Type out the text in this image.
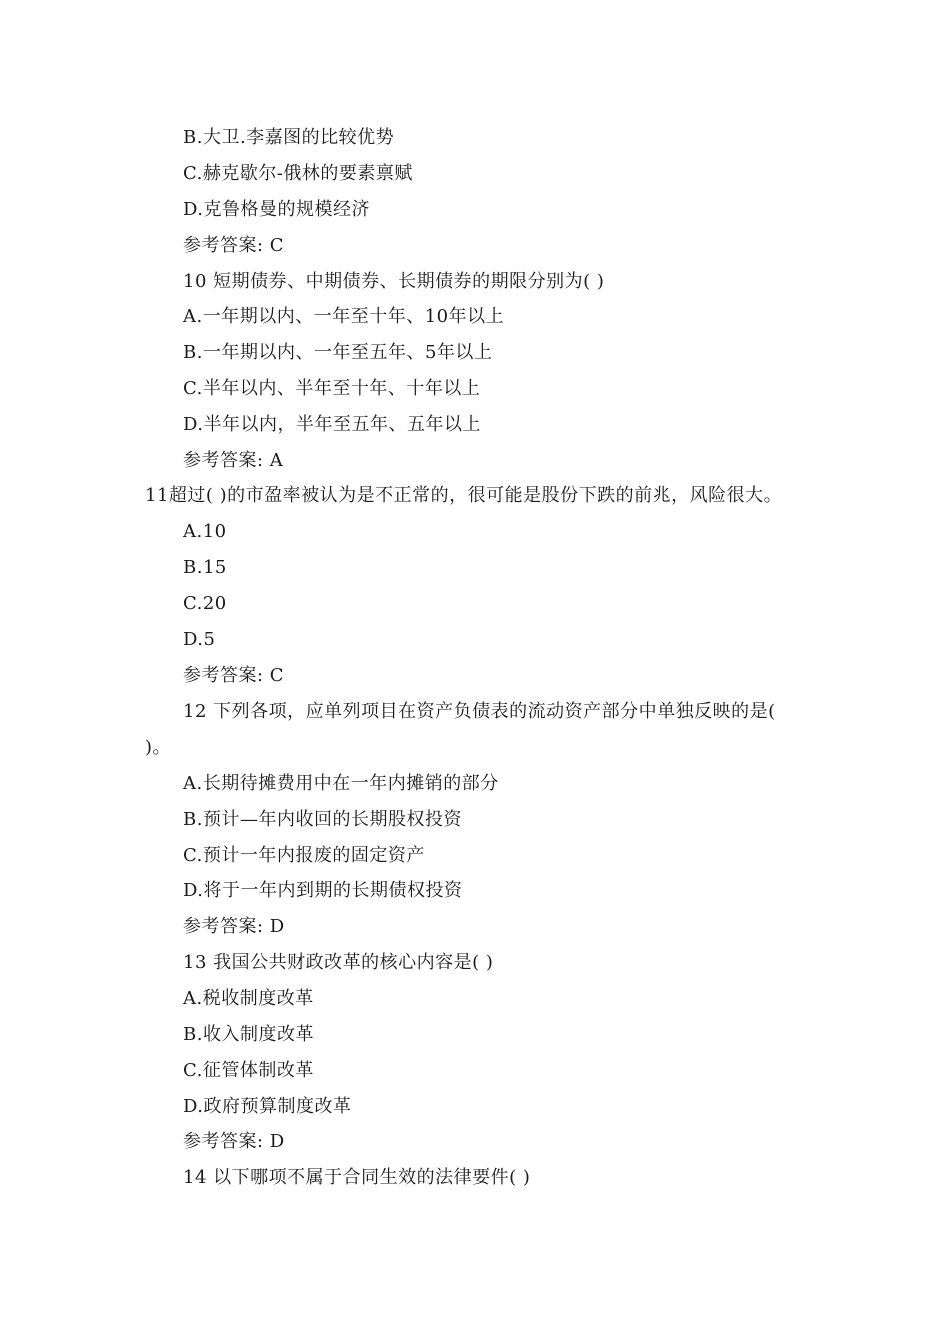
B.大卫.李嘉图的比较优势
C.赫克歇尔-俄林的要素禀赋
D.克鲁格曼的规模经济
参考答案: C
10 短期债券、中期债券、长期债券的期限分别为( )
A.一年期以内、一年至十年、10年以上
B.一年期以内、一年至五年、5年以上
C.半年以内、半年至十年、十年以上
D.半年以内，半年至五年、五年以上
参考答案: A
11超过( )的市盈率被认为是不正常的，很可能是股份下跌的前兆，风险很大。
A.10
B.15
C.20
D.5
参考答案: C
12 下列各项，应单列项目在资产负债表的流动资产部分中单独反映的是(
)。
A.长期待摊费用中在一年内摊销的部分
B.预计—年内收回的长期股权投资
C.预计一年内报废的固定资产
D.将于一年内到期的长期债权投资
参考答案: D
13 我国公共财政改革的核心内容是( )
A.税收制度改革
B.收入制度改革
C.征管体制改革
D.政府预算制度改革
参考答案: D
14 以下哪项不属于合同生效的法律要件( )
